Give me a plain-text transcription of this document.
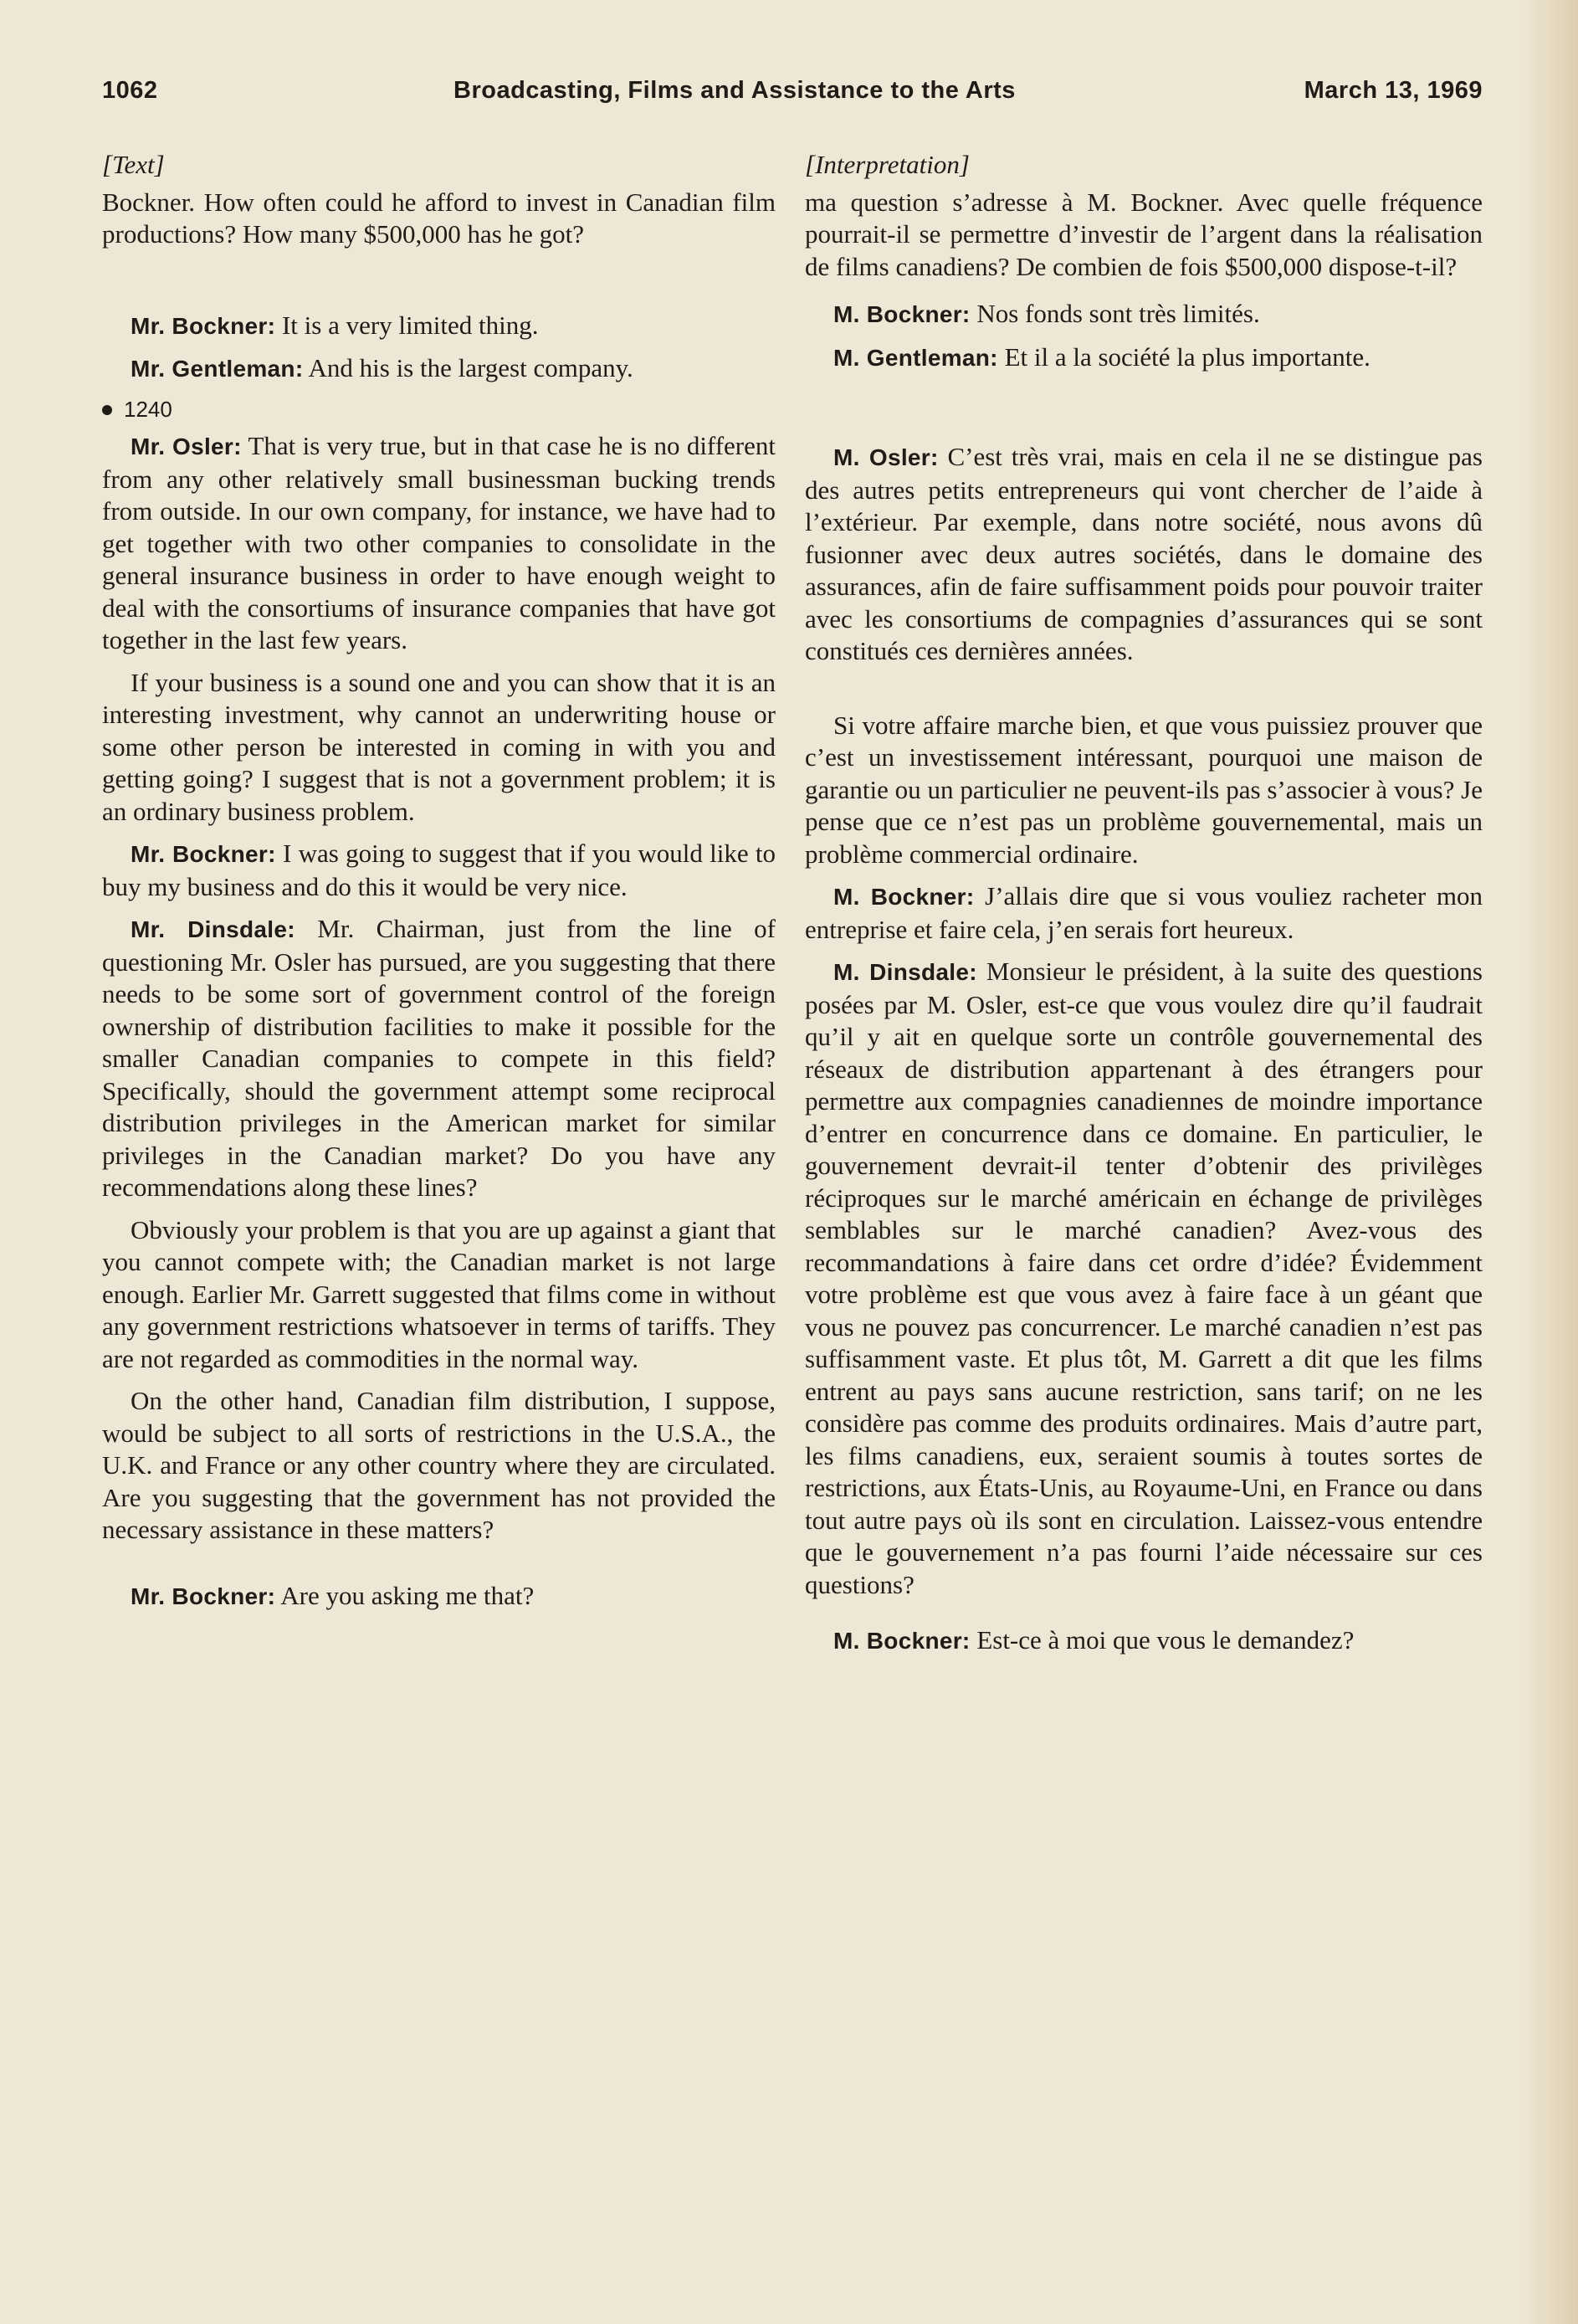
1062	Broadcasting, Films and Assistance to the Arts	March 13, 1969

[Text]

Bockner. How often could he afford to invest in Canadian film productions? How many $500,000 has he got?

Mr. Bockner: It is a very limited thing.

Mr. Gentleman: And his is the largest company.

1240

Mr. Osler: That is very true, but in that case he is no different from any other relatively small businessman bucking trends from outside. In our own company, for instance, we have had to get together with two other companies to consolidate in the general insurance business in order to have enough weight to deal with the consortiums of insurance companies that have got together in the last few years.

If your business is a sound one and you can show that it is an interesting investment, why cannot an underwriting house or some other person be interested in coming in with you and getting going? I suggest that is not a government problem; it is an ordinary business problem.

Mr. Bockner: I was going to suggest that if you would like to buy my business and do this it would be very nice.

Mr. Dinsdale: Mr. Chairman, just from the line of questioning Mr. Osler has pursued, are you suggesting that there needs to be some sort of government control of the foreign ownership of distribution facilities to make it possible for the smaller Canadian companies to compete in this field? Specifically, should the government attempt some reciprocal distribution privileges in the American market for similar privileges in the Canadian market? Do you have any recommendations along these lines?

Obviously your problem is that you are up against a giant that you cannot compete with; the Canadian market is not large enough. Earlier Mr. Garrett suggested that films come in without any government restrictions whatsoever in terms of tariffs. They are not regarded as commodities in the normal way.

On the other hand, Canadian film distribution, I suppose, would be subject to all sorts of restrictions in the U.S.A., the U.K. and France or any other country where they are circulated. Are you suggesting that the government has not provided the necessary assistance in these matters?

Mr. Bockner: Are you asking me that?

[Interpretation]

ma question s’adresse à M. Bockner. Avec quelle fréquence pourrait-il se permettre d’investir de l’argent dans la réalisation de films canadiens? De combien de fois $500,000 dispose-t-il?

M. Bockner: Nos fonds sont très limités.

M. Gentleman: Et il a la société la plus importante.

M. Osler: C’est très vrai, mais en cela il ne se distingue pas des autres petits entrepreneurs qui vont chercher de l’aide à l’extérieur. Par exemple, dans notre société, nous avons dû fusionner avec deux autres sociétés, dans le domaine des assurances, afin de faire suffisamment poids pour pouvoir traiter avec les consortiums de compagnies d’assurances qui se sont constitués ces dernières années.

Si votre affaire marche bien, et que vous puissiez prouver que c’est un investissement intéressant, pourquoi une maison de garantie ou un particulier ne peuvent-ils pas s’associer à vous? Je pense que ce n’est pas un problème gouvernemental, mais un problème commercial ordinaire.

M. Bockner: J’allais dire que si vous vouliez racheter mon entreprise et faire cela, j’en serais fort heureux.

M. Dinsdale: Monsieur le président, à la suite des questions posées par M. Osler, est-ce que vous voulez dire qu’il faudrait qu’il y ait en quelque sorte un contrôle gouvernemental des réseaux de distribution appartenant à des étrangers pour permettre aux compagnies canadiennes de moindre importance d’entrer en concurrence dans ce domaine. En particulier, le gouvernement devrait-il tenter d’obtenir des privilèges réciproques sur le marché américain en échange de privilèges semblables sur le marché canadien? Avez-vous des recommandations à faire dans cet ordre d’idée? Évidemment votre problème est que vous avez à faire face à un géant que vous ne pouvez pas concurrencer. Le marché canadien n’est pas suffisamment vaste. Et plus tôt, M. Garrett a dit que les films entrent au pays sans aucune restriction, sans tarif; on ne les considère pas comme des produits ordinaires. Mais d’autre part, les films canadiens, eux, seraient soumis à toutes sortes de restrictions, aux États-Unis, au Royaume-Uni, en France ou dans tout autre pays où ils sont en circulation. Laissez-vous entendre que le gouvernement n’a pas fourni l’aide nécessaire sur ces questions?

M. Bockner: Est-ce à moi que vous le demandez?
